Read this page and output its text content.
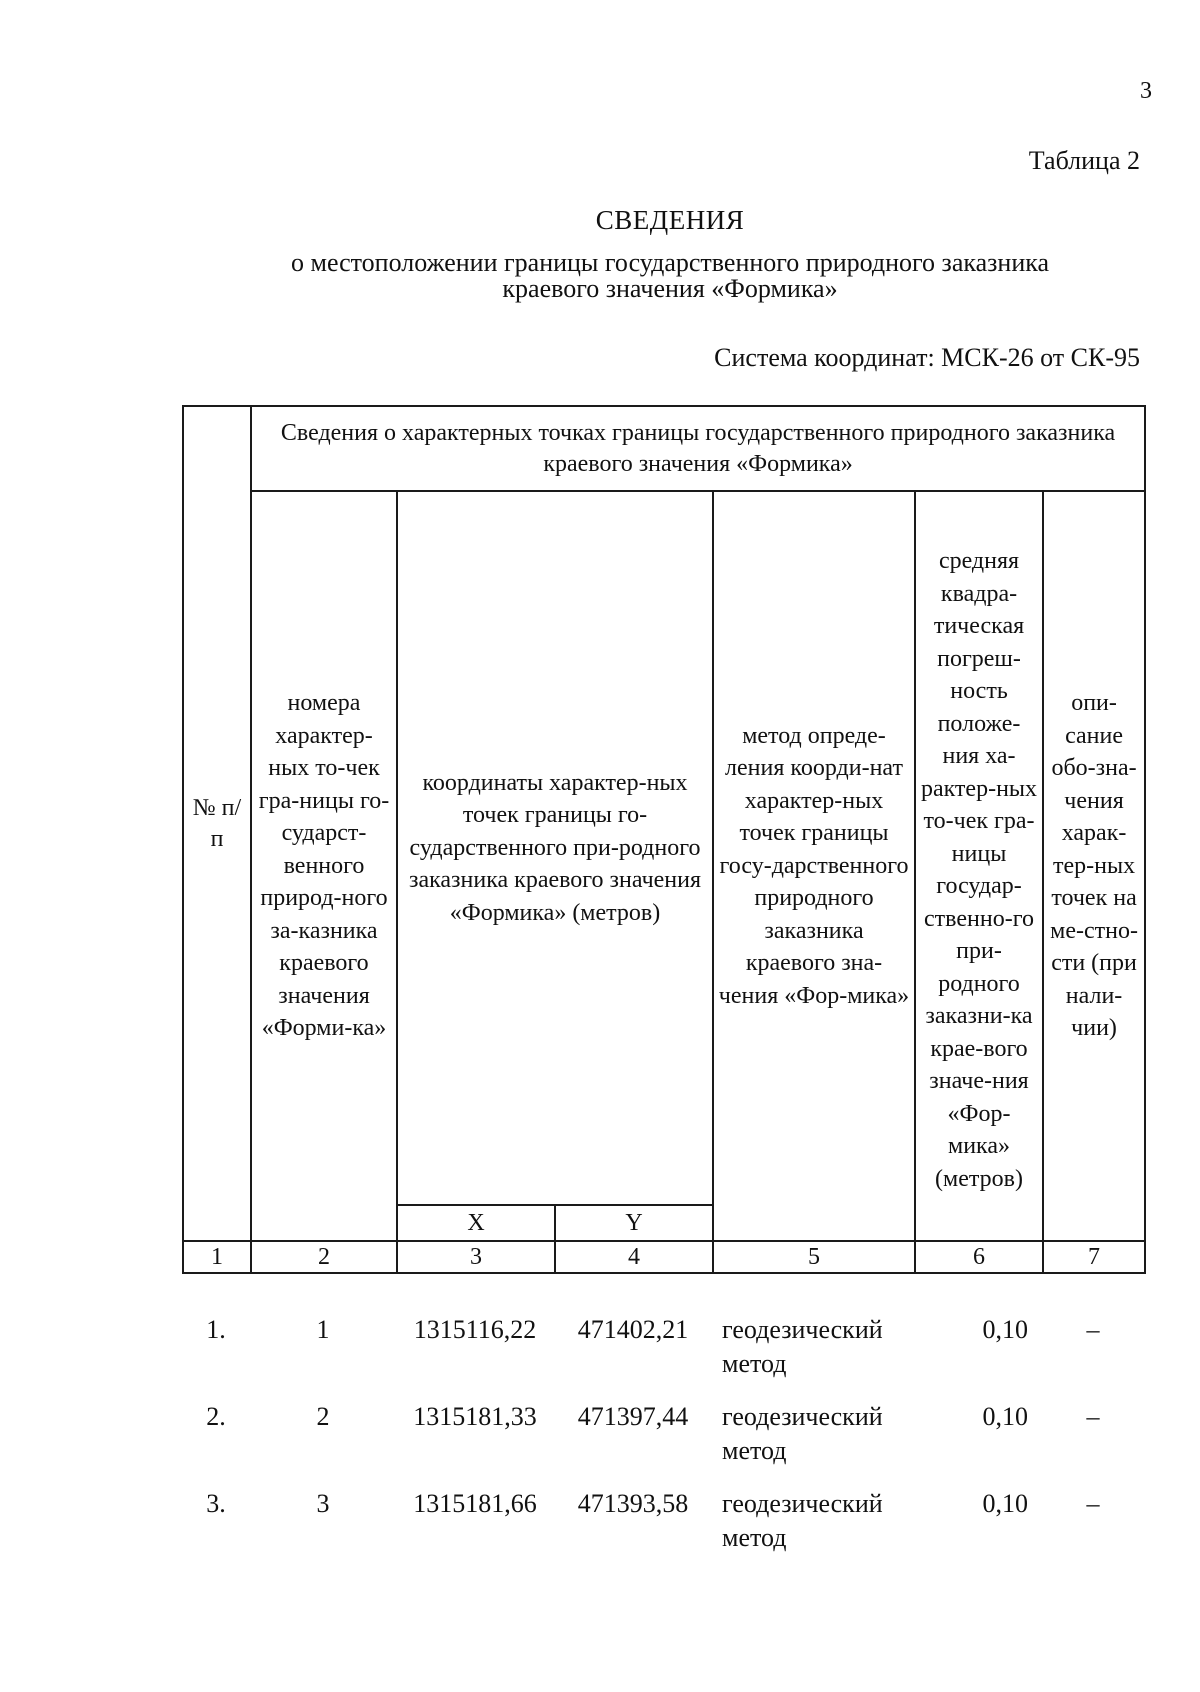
3
Таблица 2
СВЕДЕНИЯ
о местоположении границы государственного природного заказника
краевого значения «Формика»
Система координат: МСК-26 от СК-95
№ п/п	Сведения о характерных точках границы государственного природного заказника краевого значения «Формика»					
	номера характер-ных то-чек гра-ницы го-сударст-венного природ-ного за-казника краевого значения «Форми-ка»	координаты характер-ных точек границы го-сударственного при-родного заказника краевого значения «Формика» (метров)		метод опреде-ления коорди-нат характер-ных точек границы госу-дарственного природного заказника краевого зна-чения «Фор-мика»	средняя квадра-тическая погреш-ность положе-ния ха-рактер-ных то-чек гра-ницы государ-ственно-го при-родного заказни-ка крае-вого значе-ния «Фор-мика» (метров)	опи-сание обо-зна-чения харак-тер-ных точек на ме-стно-сти (при нали-чии)
		X	Y			
1	2	3	4	5	6	7
1.	1	1315116,22	471402,21	геодезический метод	0,10	–
2.	2	1315181,33	471397,44	геодезический метод	0,10	–
3.	3	1315181,66	471393,58	геодезический метод	0,10	–
